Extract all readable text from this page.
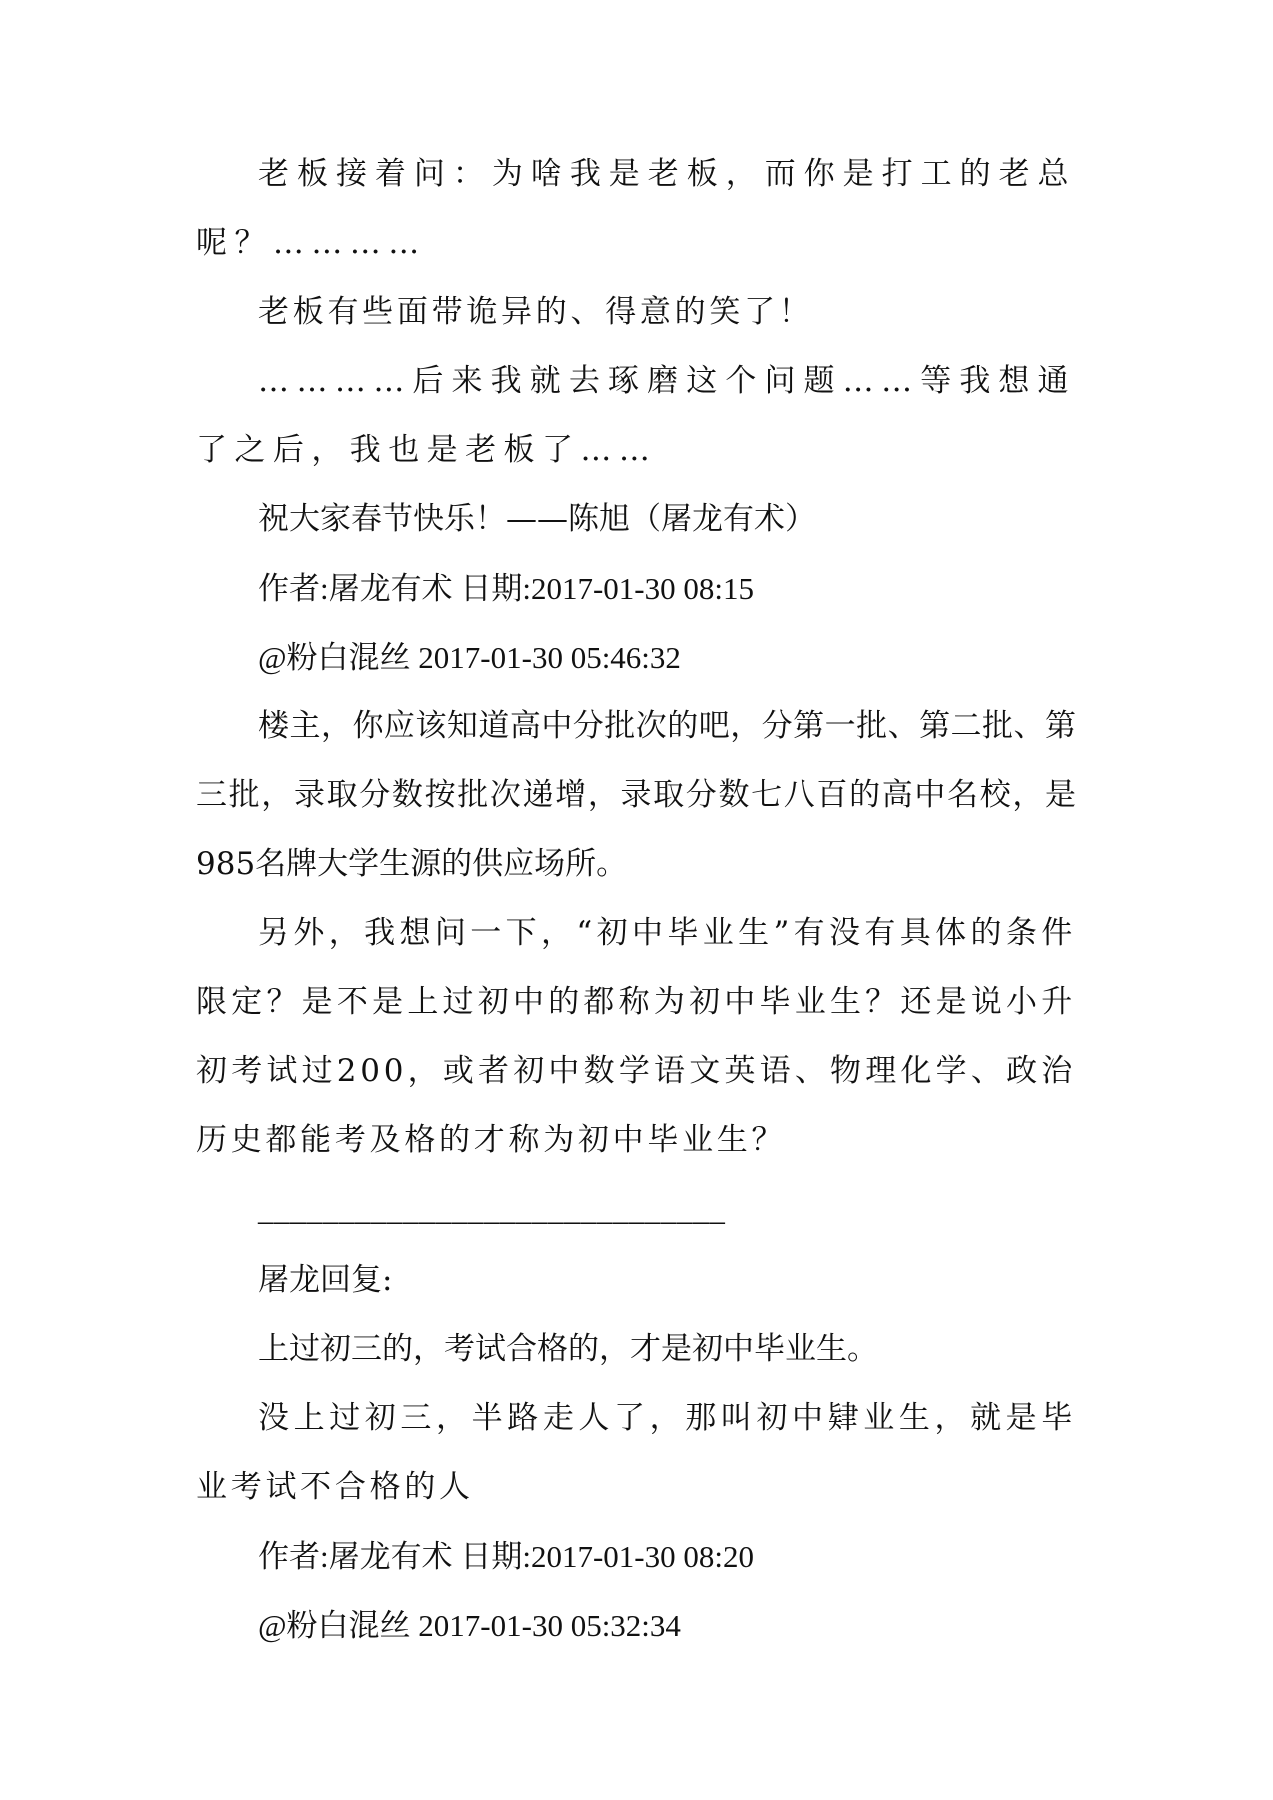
老板接着问：为啥我是老板，而你是打工的老总呢？…………

老板有些面带诡异的、得意的笑了！

…………后来我就去琢磨这个问题……等我想通了之后，我也是老板了……

祝大家春节快乐！——陈旭（屠龙有术）

作者:屠龙有术 日期:2017-01-30 08:15

@粉白混丝 2017-01-30 05:46:32

楼主，你应该知道高中分批次的吧，分第一批、第二批、第三批，录取分数按批次递增，录取分数七八百的高中名校，是985名牌大学生源的供应场所。

另外，我想问一下，“初中毕业生”有没有具体的条件限定？是不是上过初中的都称为初中毕业生？还是说小升初考试过200，或者初中数学语文英语、物理化学、政治历史都能考及格的才称为初中毕业生？

_____________________________

屠龙回复:

上过初三的，考试合格的，才是初中毕业生。

没上过初三，半路走人了，那叫初中肄业生，就是毕业考试不合格的人

作者:屠龙有术 日期:2017-01-30 08:20

@粉白混丝 2017-01-30 05:32:34
